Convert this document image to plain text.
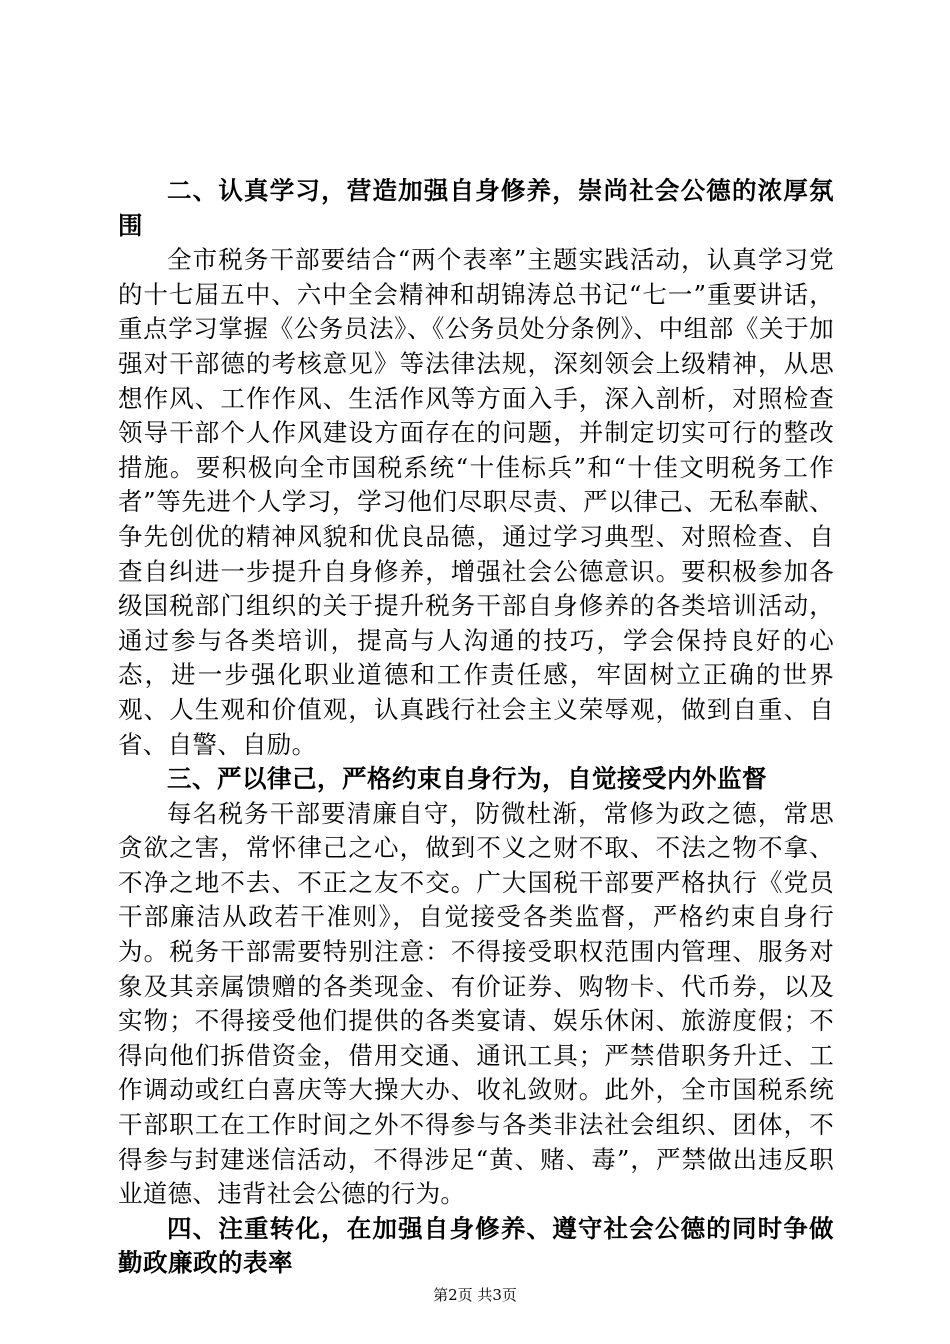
二、认真学习，营造加强自身修养，崇尚社会公德的浓厚氛围

全市税务干部要结合“两个表率”主题实践活动，认真学习党的十七届五中、六中全会精神和胡锦涛总书记“七一”重要讲话，重点学习掌握《公务员法》、《公务员处分条例》、中组部《关于加强对干部德的考核意见》等法律法规，深刻领会上级精神，从思想作风、工作作风、生活作风等方面入手，深入剖析，对照检查领导干部个人作风建设方面存在的问题，并制定切实可行的整改措施。要积极向全市国税系统“十佳标兵”和“十佳文明税务工作者”等先进个人学习，学习他们尽职尽责、严以律己、无私奉献、争先创优的精神风貌和优良品德，通过学习典型、对照检查、自查自纠进一步提升自身修养，增强社会公德意识。要积极参加各级国税部门组织的关于提升税务干部自身修养的各类培训活动，通过参与各类培训，提高与人沟通的技巧，学会保持良好的心态，进一步强化职业道德和工作责任感，牢固树立正确的世界观、人生观和价值观，认真践行社会主义荣辱观，做到自重、自省、自警、自励。

三、严以律己，严格约束自身行为，自觉接受内外监督

每名税务干部要清廉自守，防微杜渐，常修为政之德，常思贪欲之害，常怀律己之心，做到不义之财不取、不法之物不拿、不净之地不去、不正之友不交。广大国税干部要严格执行《党员干部廉洁从政若干准则》，自觉接受各类监督，严格约束自身行为。税务干部需要特别注意：不得接受职权范围内管理、服务对象及其亲属馈赠的各类现金、有价证券、购物卡、代币券，以及实物；不得接受他们提供的各类宴请、娱乐休闲、旅游度假；不得向他们拆借资金，借用交通、通讯工具；严禁借职务升迁、工作调动或红白喜庆等大操大办、收礼敛财。此外，全市国税系统干部职工在工作时间之外不得参与各类非法社会组织、团体，不得参与封建迷信活动，不得涉足“黄、赌、毒”，严禁做出违反职业道德、违背社会公德的行为。

四、注重转化，在加强自身修养、遵守社会公德的同时争做勤政廉政的表率

第2页 共3页
